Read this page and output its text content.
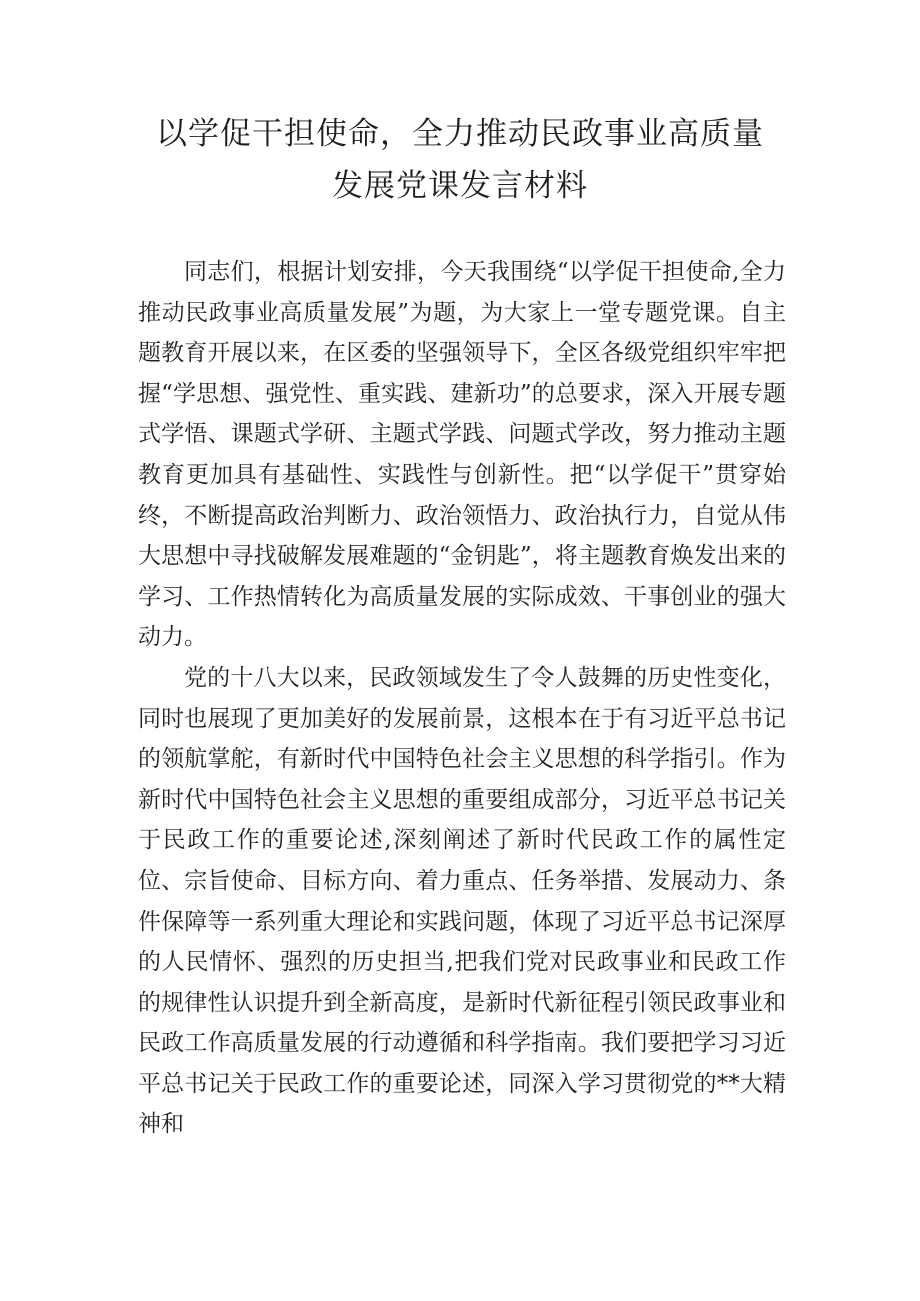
以学促干担使命，全力推动民政事业高质量
发展党课发言材料

同志们，根据计划安排，今天我围绕“以学促干担使命,全力推动民政事业高质量发展”为题，为大家上一堂专题党课。自主题教育开展以来，在区委的坚强领导下，全区各级党组织牢牢把握“学思想、强党性、重实践、建新功”的总要求，深入开展专题式学悟、课题式学研、主题式学践、问题式学改，努力推动主题教育更加具有基础性、实践性与创新性。把“以学促干”贯穿始终，不断提高政治判断力、政治领悟力、政治执行力，自觉从伟大思想中寻找破解发展难题的“金钥匙”，将主题教育焕发出来的学习、工作热情转化为高质量发展的实际成效、干事创业的强大动力。

党的十八大以来，民政领域发生了令人鼓舞的历史性变化，同时也展现了更加美好的发展前景，这根本在于有习近平总书记的领航掌舵，有新时代中国特色社会主义思想的科学指引。作为新时代中国特色社会主义思想的重要组成部分，习近平总书记关于民政工作的重要论述,深刻阐述了新时代民政工作的属性定位、宗旨使命、目标方向、着力重点、任务举措、发展动力、条件保障等一系列重大理论和实践问题，体现了习近平总书记深厚的人民情怀、强烈的历史担当,把我们党对民政事业和民政工作的规律性认识提升到全新高度，是新时代新征程引领民政事业和民政工作高质量发展的行动遵循和科学指南。我们要把学习习近平总书记关于民政工作的重要论述，同深入学习贯彻党的**大精神和
